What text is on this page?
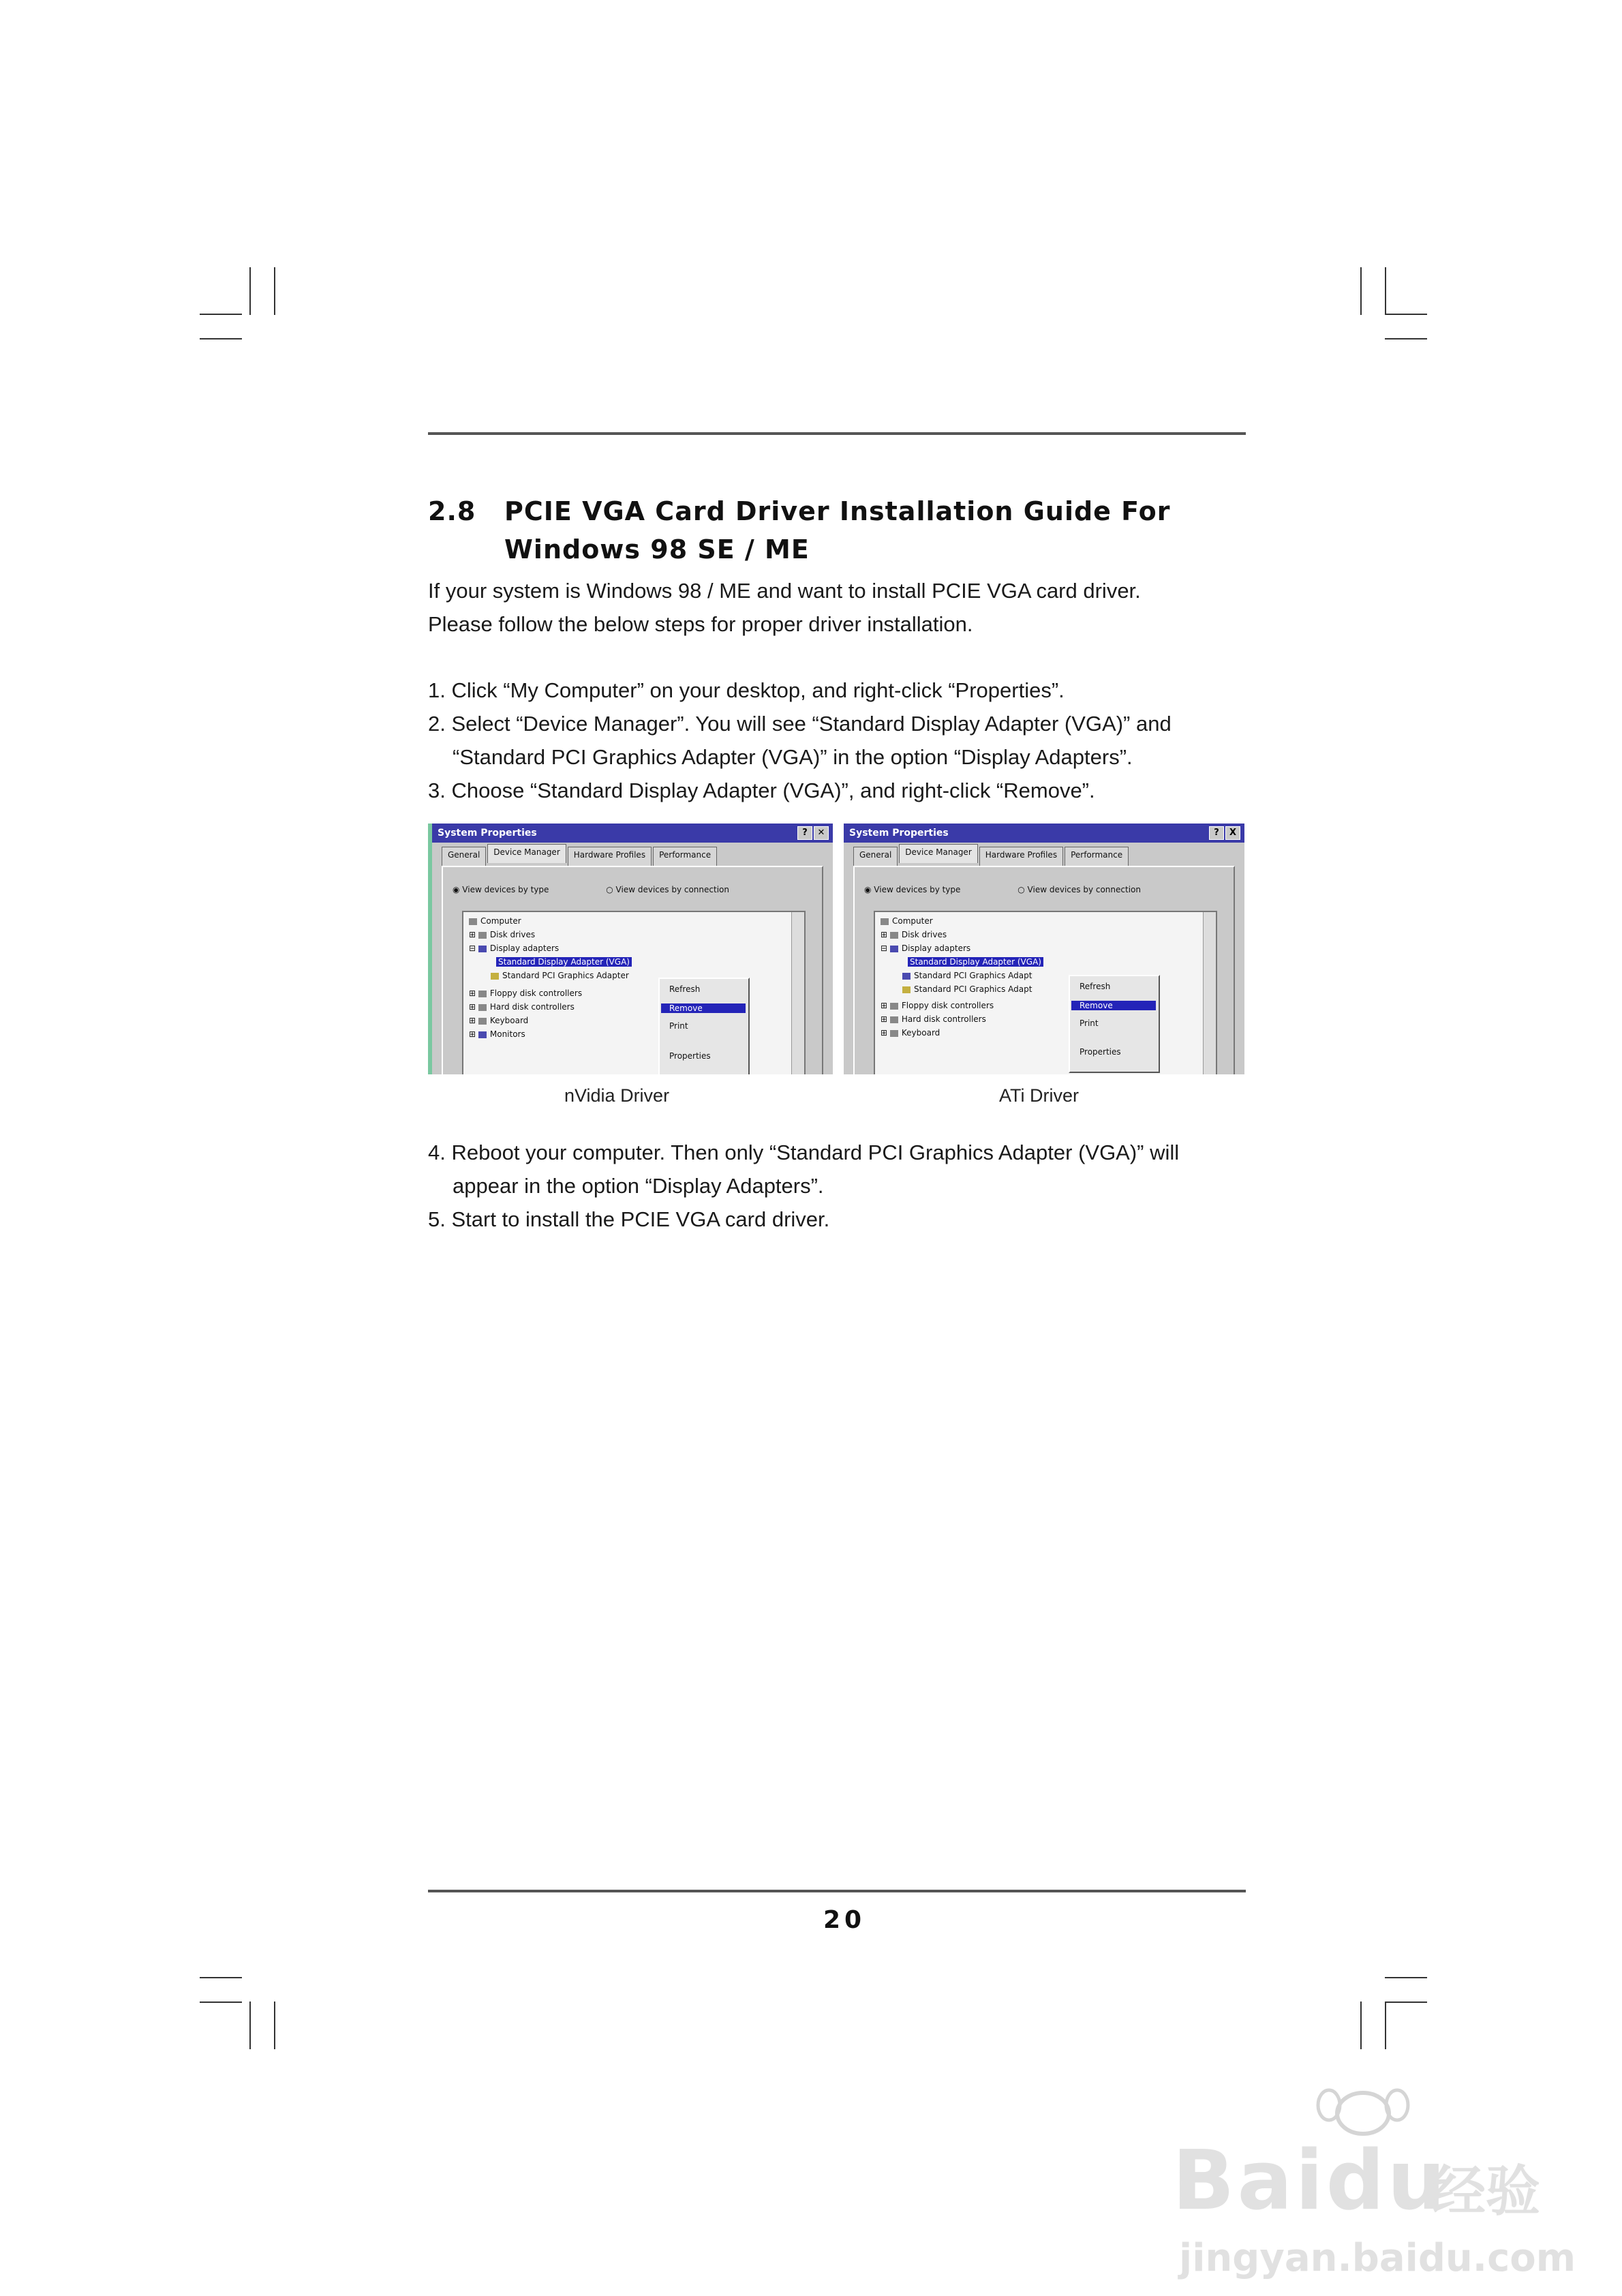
2.8 PCIE VGA Card Driver Installation Guide For
Windows 98 SE / ME
If your system is Windows 98 / ME and want to install PCIE VGA card driver.
Please follow the below steps for proper driver installation.
1. Click “My Computer” on your desktop, and right-click “Properties”.
2. Select “Device Manager”. You will see “Standard Display Adapter (VGA)” and
“Standard PCI Graphics Adapter (VGA)” in the option “Display Adapters”.
3. Choose “Standard Display Adapter (VGA)”, and right-click “Remove”.
System Properties	?	✕
General	Device Manager	Hardware Profiles	Performance
◉ View devices by type	○ View devices by connection
Computer
⊞ Disk drives
⊟ Display adapters
Standard Display Adapter (VGA)
Standard PCI Graphics Adapter
⊞ Floppy disk controllers
⊞ Hard disk controllers
⊞ Keyboard
⊞ Monitors
Refresh
Remove
Print
Properties
System Properties	?	X
General	Device Manager	Hardware Profiles	Performance
◉ View devices by type	○ View devices by connection
Computer
⊞ Disk drives
⊟ Display adapters
Standard Display Adapter (VGA)
Standard PCI Graphics Adapt
Standard PCI Graphics Adapt
⊞ Floppy disk controllers
⊞ Hard disk controllers
⊞ Keyboard
Refresh
Remove
Print
Properties
nVidia Driver	ATi Driver
4. Reboot your computer. Then only “Standard PCI Graphics Adapter (VGA)” will
appear in the option “Display Adapters”.
5. Start to install the PCIE VGA card driver.
20
Baidu
经验
jingyan.baidu.com
